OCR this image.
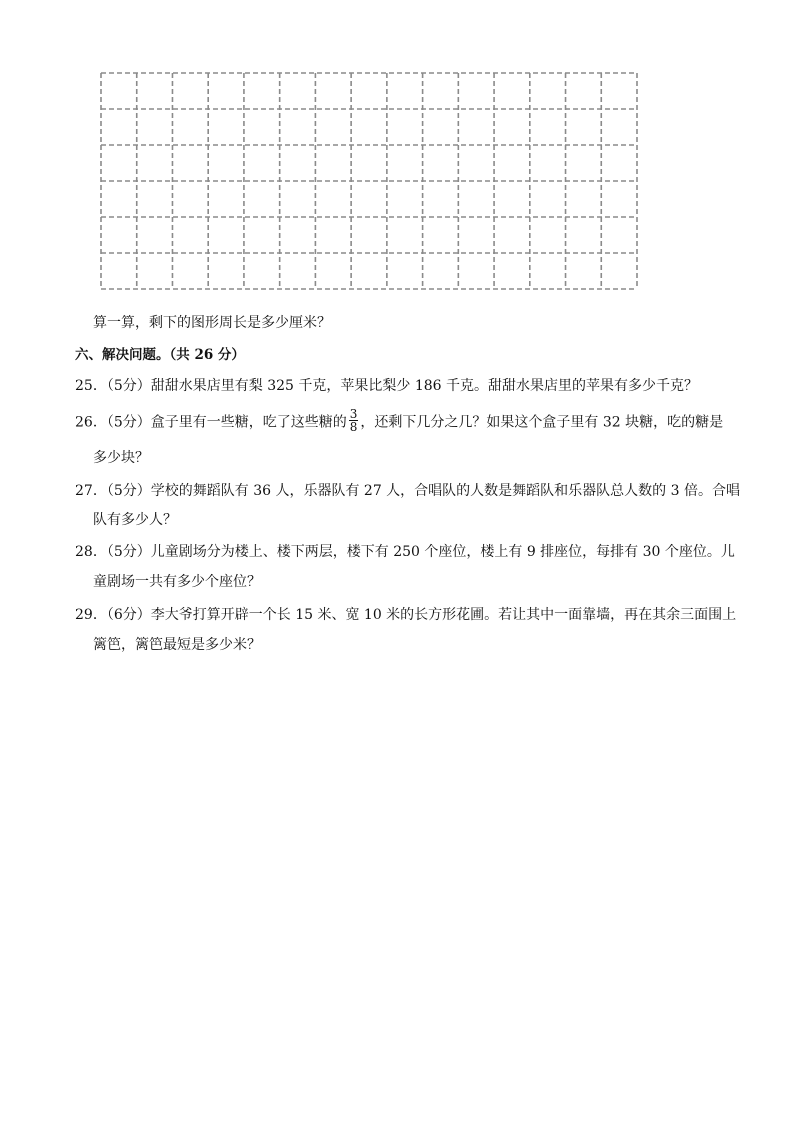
算一算，剩下的图形周长是多少厘米？
六、解决问题。（共 26 分）
25．（5分）甜甜水果店里有梨 325 千克，苹果比梨少 186 千克。甜甜水果店里的苹果有多少千克？
26．（5分）盒子里有一些糖，吃了这些糖的 $\frac{3}{8}$ ，还剩下几分之几？如果这个盒子里有 32 块糖，吃的糖是
多少块？
27．（5分）学校的舞蹈队有 36 人，乐器队有 27 人，合唱队的人数是舞蹈队和乐器队总人数的 3 倍。合唱
队有多少人？
28．（5分）儿童剧场分为楼上、楼下两层，楼下有 250 个座位，楼上有 9 排座位，每排有 30 个座位。儿
童剧场一共有多少个座位？
29．（6分）李大爷打算开辟一个长 15 米、宽 10 米的长方形花圃。若让其中一面靠墙，再在其余三面围上
篱笆，篱笆最短是多少米？
